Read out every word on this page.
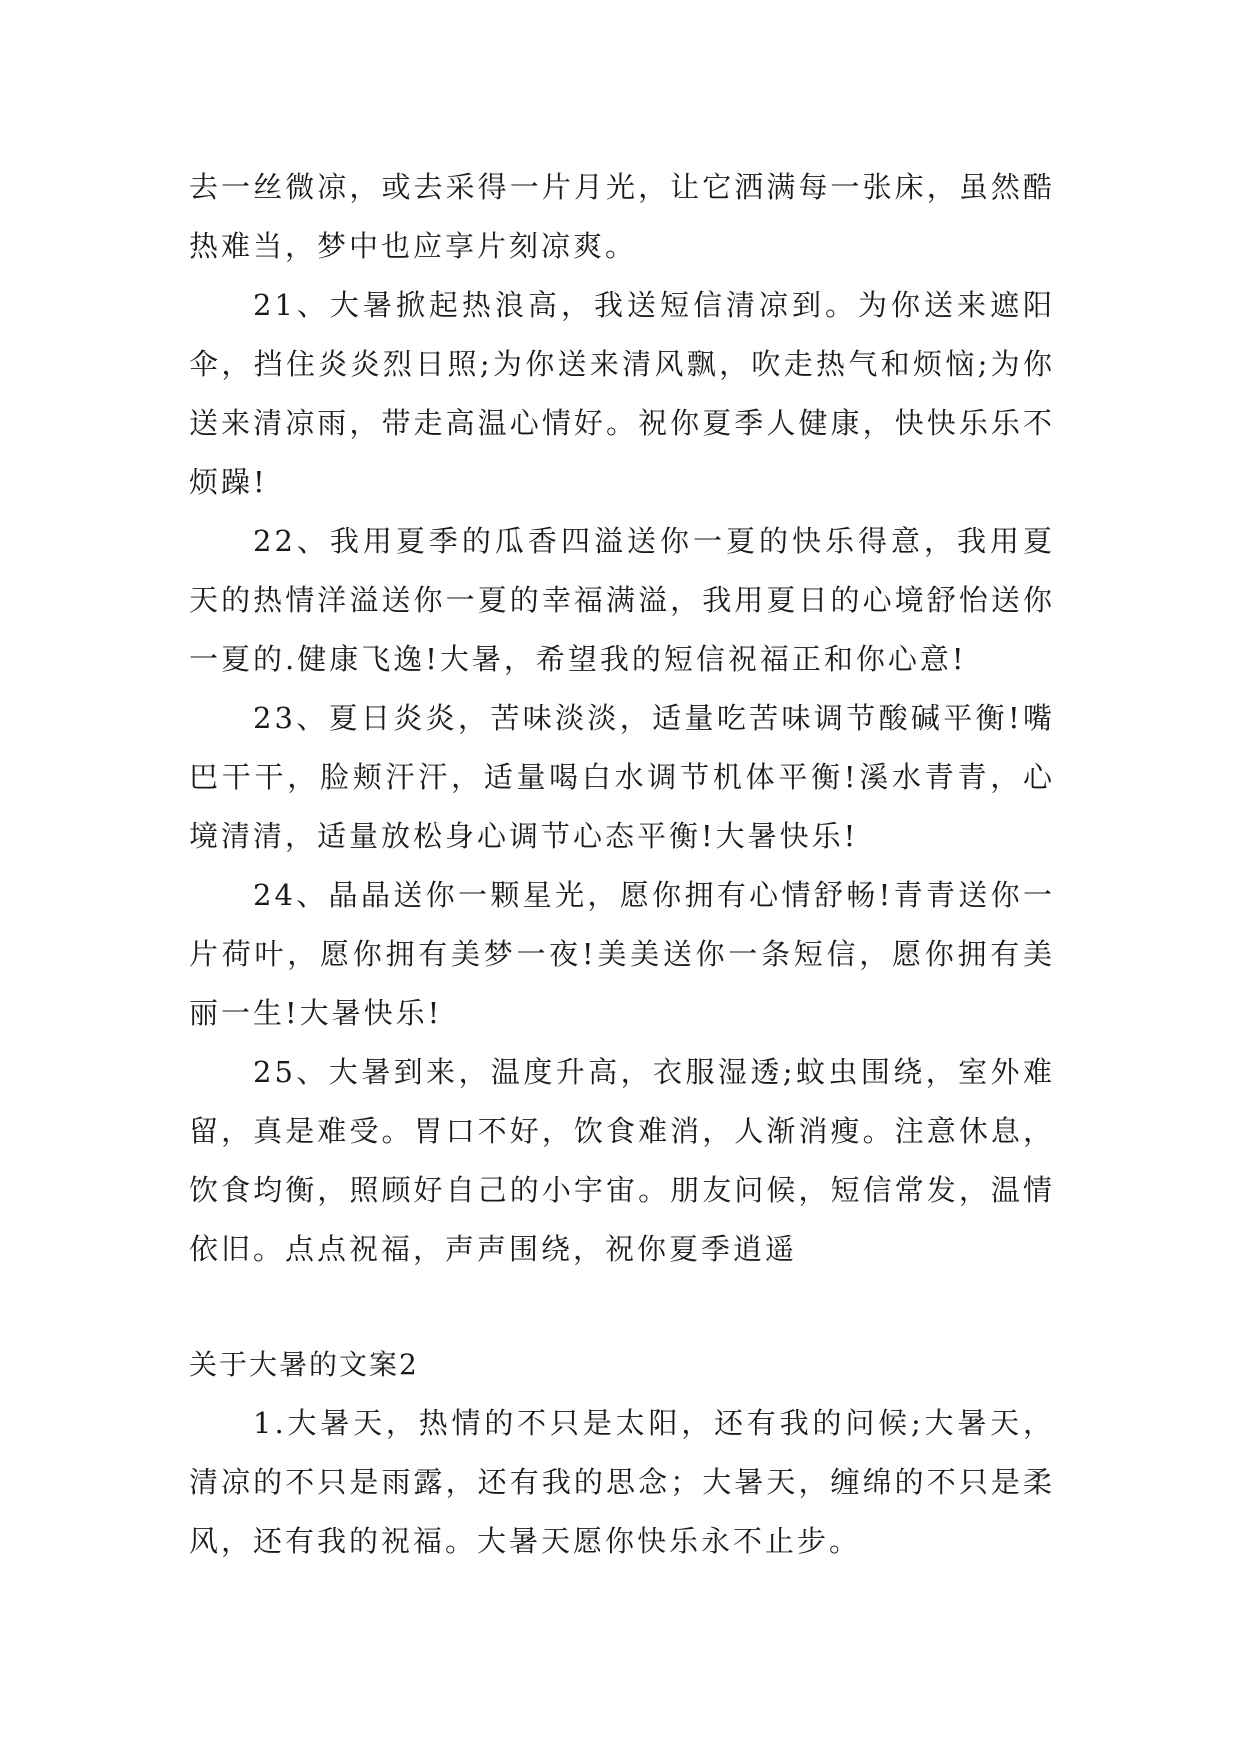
去一丝微凉，或去采得一片月光，让它洒满每一张床，虽然酷热难当，梦中也应享片刻凉爽。

21、大暑掀起热浪高，我送短信清凉到。为你送来遮阳伞，挡住炎炎烈日照;为你送来清风飘，吹走热气和烦恼;为你送来清凉雨，带走高温心情好。祝你夏季人健康，快快乐乐不烦躁!

22、我用夏季的瓜香四溢送你一夏的快乐得意，我用夏天的热情洋溢送你一夏的幸福满溢，我用夏日的心境舒怡送你一夏的.健康飞逸!大暑，希望我的短信祝福正和你心意!

23、夏日炎炎，苦味淡淡，适量吃苦味调节酸碱平衡!嘴巴干干，脸颊汗汗，适量喝白水调节机体平衡!溪水青青，心境清清，适量放松身心调节心态平衡!大暑快乐!

24、晶晶送你一颗星光，愿你拥有心情舒畅!青青送你一片荷叶，愿你拥有美梦一夜!美美送你一条短信，愿你拥有美丽一生!大暑快乐!

25、大暑到来，温度升高，衣服湿透;蚊虫围绕，室外难留，真是难受。胃口不好，饮食难消，人渐消瘦。注意休息，饮食均衡，照顾好自己的小宇宙。朋友问候，短信常发，温情依旧。点点祝福，声声围绕，祝你夏季逍遥

关于大暑的文案2

1.大暑天，热情的不只是太阳，还有我的问候;大暑天，清凉的不只是雨露，还有我的思念；大暑天，缠绵的不只是柔风，还有我的祝福。大暑天愿你快乐永不止步。
